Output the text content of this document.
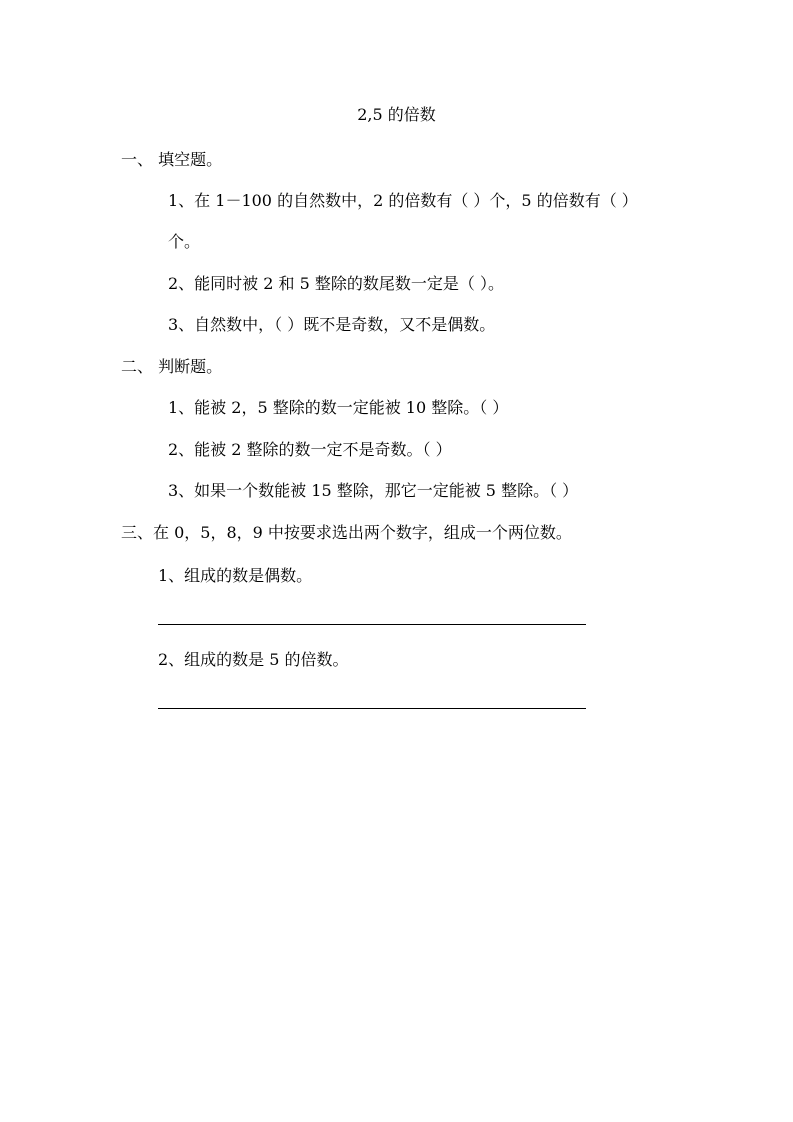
2,5 的倍数
一、 填空题。
1、在 1－100 的自然数中，2 的倍数有（ ）个，5 的倍数有（ ）
个。
2、能同时被 2 和 5 整除的数尾数一定是（ ）。
3、自然数中，（ ）既不是奇数，又不是偶数。
二、 判断题。
1、能被 2，5 整除的数一定能被 10 整除。（ ）
2、能被 2 整除的数一定不是奇数。（ ）
3、如果一个数能被 15 整除，那它一定能被 5 整除。（ ）
三、在 0，5，8，9 中按要求选出两个数字，组成一个两位数。
1、组成的数是偶数。
2、组成的数是 5 的倍数。
